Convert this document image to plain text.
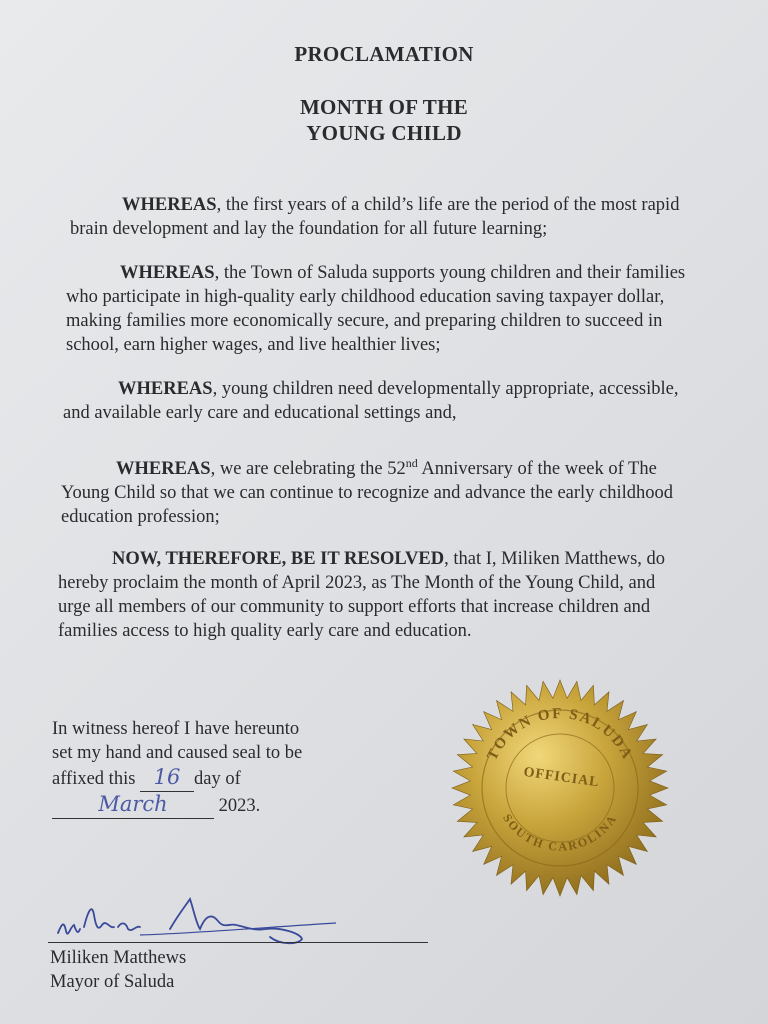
PROCLAMATION
MONTH OF THE
YOUNG CHILD
WHEREAS, the first years of a child’s life are the period of the most rapid
brain development and lay the foundation for all future learning;
WHEREAS, the Town of Saluda supports young children and their families
who participate in high-quality early childhood education saving taxpayer dollar,
making families more economically secure, and preparing children to succeed in
school, earn higher wages, and live healthier lives;
WHEREAS, young children need developmentally appropriate, accessible,
and available early care and educational settings and,
WHEREAS, we are celebrating the 52nd Anniversary of the week of The
Young Child so that we can continue to recognize and advance the early childhood
education profession;
NOW, THEREFORE, BE IT RESOLVED, that I, Miliken Matthews, do
hereby proclaim the month of April 2023, as The Month of the Young Child, and
urge all members of our community to support efforts that increase children and
families access to high quality early care and education.
In witness hereof I have hereunto
set my hand and caused seal to be
affixed this 16 day of
March	2023.
Miliken Matthews
Mayor of Saluda
TOWN OF SALUDA
SOUTH CAROLINA
OFFICIAL
